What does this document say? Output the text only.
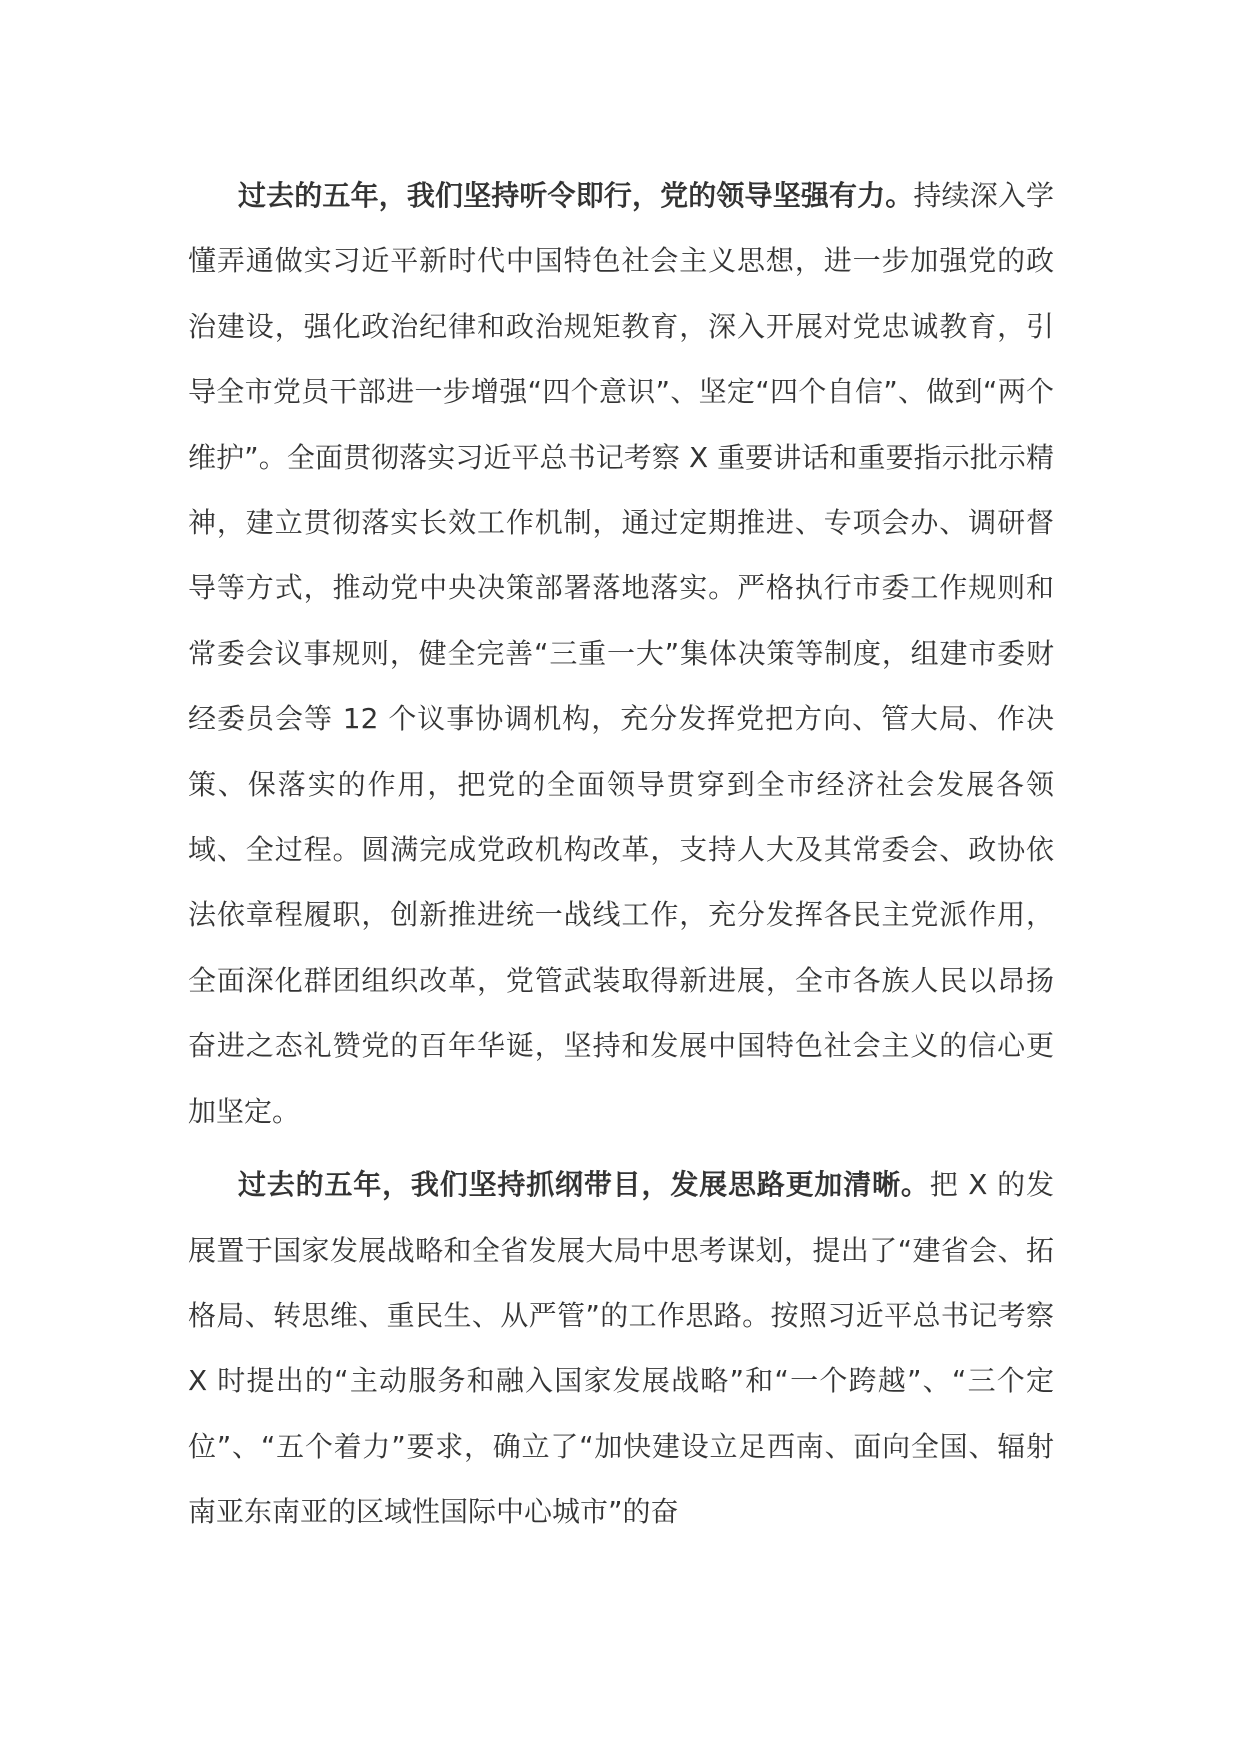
过去的五年，我们坚持听令即行，党的领导坚强有力。持续深入学懂弄通做实习近平新时代中国特色社会主义思想，进一步加强党的政治建设，强化政治纪律和政治规矩教育，深入开展对党忠诚教育，引导全市党员干部进一步增强“四个意识”、坚定“四个自信”、做到“两个维护”。全面贯彻落实习近平总书记考察 X 重要讲话和重要指示批示精神，建立贯彻落实长效工作机制，通过定期推进、专项会办、调研督导等方式，推动党中央决策部署落地落实。严格执行市委工作规则和常委会议事规则，健全完善“三重一大”集体决策等制度，组建市委财经委员会等 12 个议事协调机构，充分发挥党把方向、管大局、作决策、保落实的作用，把党的全面领导贯穿到全市经济社会发展各领域、全过程。圆满完成党政机构改革，支持人大及其常委会、政协依法依章程履职，创新推进统一战线工作，充分发挥各民主党派作用，全面深化群团组织改革，党管武装取得新进展，全市各族人民以昂扬奋进之态礼赞党的百年华诞，坚持和发展中国特色社会主义的信心更加坚定。

过去的五年，我们坚持抓纲带目，发展思路更加清晰。把 X 的发展置于国家发展战略和全省发展大局中思考谋划，提出了“建省会、拓格局、转思维、重民生、从严管”的工作思路。按照习近平总书记考察 X 时提出的“主动服务和融入国家发展战略”和“一个跨越”、“三个定位”、“五个着力”要求，确立了“加快建设立足西南、面向全国、辐射南亚东南亚的区域性国际中心城市”的奋
